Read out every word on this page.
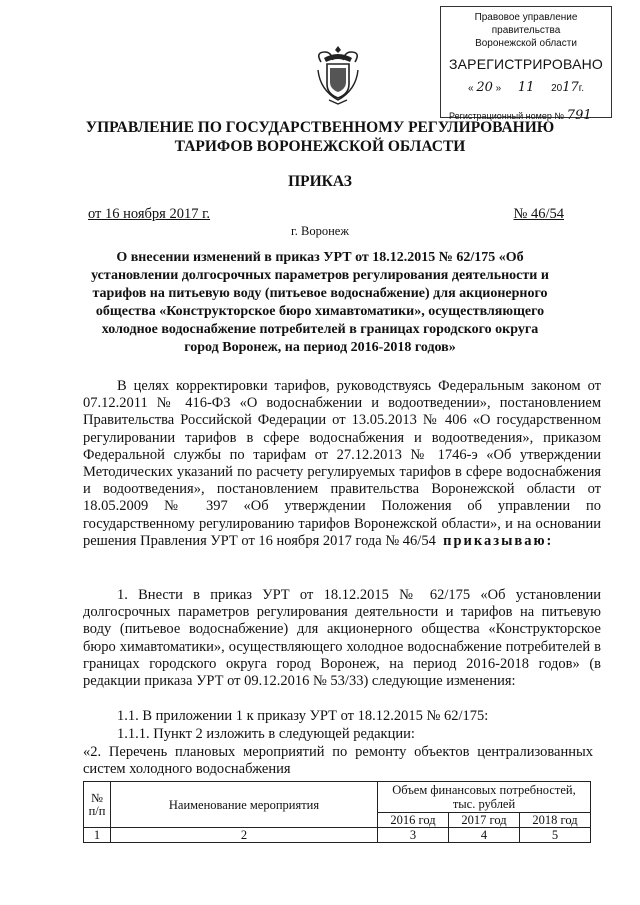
Правовое управление правительства
Воронежской области
ЗАРЕГИСТРИРОВАНО
« 20 » 11 2017г.
Регистрационный номер № 791
УПРАВЛЕНИЕ ПО ГОСУДАРСТВЕННОМУ РЕГУЛИРОВАНИЮ
ТАРИФОВ ВОРОНЕЖСКОЙ ОБЛАСТИ
ПРИКАЗ
от 16 ноября 2017 г.	№ 46/54
г. Воронеж
О внесении изменений в приказ УРТ от 18.12.2015 № 62/175 «Об установлении долгосрочных параметров регулирования деятельности и тарифов на питьевую воду (питьевое водоснабжение) для акционерного общества «Конструкторское бюро химавтоматики», осуществляющего холодное водоснабжение потребителей в границах городского округа город Воронеж, на период 2016-2018 годов»

В целях корректировки тарифов, руководствуясь Федеральным законом от 07.12.2011 № 416-ФЗ «О водоснабжении и водоотведении», постановлением Правительства Российской Федерации от 13.05.2013 № 406 «О государственном регулировании тарифов в сфере водоснабжения и водоотведения», приказом Федеральной службы по тарифам от 27.12.2013 № 1746-э «Об утверждении Методических указаний по расчету регулируемых тарифов в сфере водоснабжения и водоотведения», постановлением правительства Воронежской области от 18.05.2009 № 397 «Об утверждении Положения об управлении по государственному регулированию тарифов Воронежской области», и на основании решения Правления УРТ от 16 ноября 2017 года № 46/54 приказываю:

1. Внести в приказ УРТ от 18.12.2015 № 62/175 «Об установлении долгосрочных параметров регулирования деятельности и тарифов на питьевую воду (питьевое водоснабжение) для акционерного общества «Конструкторское бюро химавтоматики», осуществляющего холодное водоснабжение потребителей в границах городского округа город Воронеж, на период 2016-2018 годов» (в редакции приказа УРТ от 09.12.2016 № 53/33) следующие изменения:

1.1. В приложении 1 к приказу УРТ от 18.12.2015 № 62/175:

1.1.1. Пункт 2 изложить в следующей редакции:

«2. Перечень плановых мероприятий по ремонту объектов централизованных систем холодного водоснабжения

№ п/п	Наименование мероприятия	Объем финансовых потребностей, тыс. рублей		
		2016 год	2017 год	2018 год
1	2	3	4	5
